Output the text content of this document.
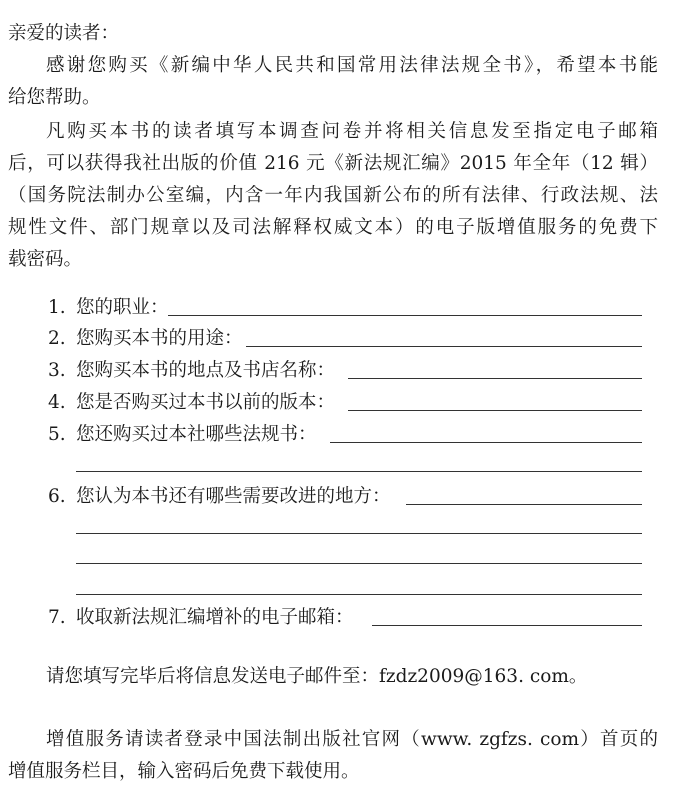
亲爱的读者：
感谢您购买《新编中华人民共和国常用法律法规全书》，希望本书能
给您帮助。
凡购买本书的读者填写本调查问卷并将相关信息发至指定电子邮箱
后，可以获得我社出版的价值 216 元《新法规汇编》2015 年全年（12 辑）
（国务院法制办公室编，内含一年内我国新公布的所有法律、行政法规、法
规性文件、部门规章以及司法解释权威文本）的电子版增值服务的免费下
载密码。
1. 您的职业：
2. 您购买本书的用途：
3. 您购买本书的地点及书店名称：
4. 您是否购买过本书以前的版本：
5. 您还购买过本社哪些法规书：
6. 您认为本书还有哪些需要改进的地方：
7. 收取新法规汇编增补的电子邮箱：
请您填写完毕后将信息发送电子邮件至：fzdz2009@163. com。
增值服务请读者登录中国法制出版社官网（www. zgfzs. com）首页的
增值服务栏目，输入密码后免费下载使用。
